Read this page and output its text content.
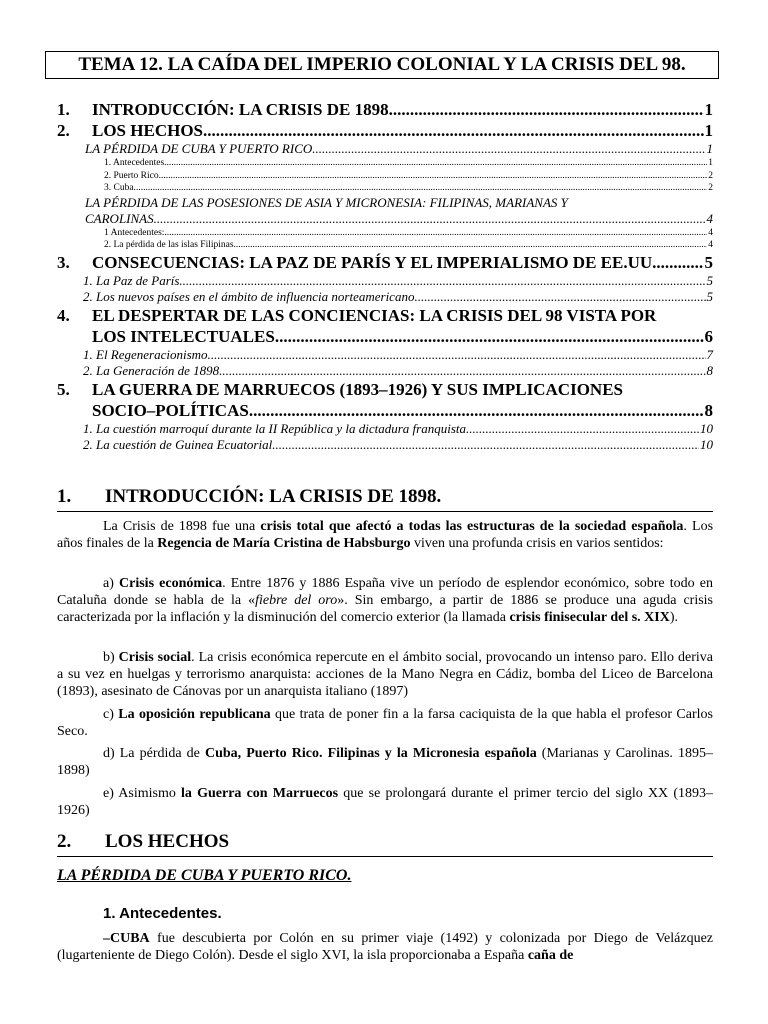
TEMA 12. LA CAÍDA DEL IMPERIO COLONIAL Y LA CRISIS DEL 98.
1. INTRODUCCIÓN: LA CRISIS DE 1898. .....	1
2. LOS HECHOS .....	1
LA PÉRDIDA DE CUBA Y PUERTO RICO. .....	1
1. Antecedentes. .....	1
2. Puerto Rico .....	2
3. Cuba. .....	2
LA PÉRDIDA DE LAS POSESIONES DE ASIA Y MICRONESIA: FILIPINAS, MARIANAS Y
CAROLINAS .....	4
1 Antecedentes: .....	4
2. La pérdida de las islas Filipinas .....	4
3. CONSECUENCIAS: LA PAZ DE PARÍS Y EL IMPERIALISMO DE EE.UU. .....	5
1. La Paz de París. .....	5
2. Los nuevos países en el ámbito de influencia norteamericano. .....	5
4. EL DESPERTAR DE LAS CONCIENCIAS: LA CRISIS DEL 98 VISTA POR
LOS INTELECTUALES. .....	6
1. El Regeneracionismo. .....	7
2. La Generación de 1898. .....	8
5. LA GUERRA DE MARRUECOS (1893–1926) Y SUS IMPLICACIONES
SOCIO–POLÍTICAS .....	8
1. La cuestión marroquí durante la II República y la dictadura franquista. .....	10
2. La cuestión de Guinea Ecuatorial. .....	10
1. INTRODUCCIÓN: LA CRISIS DE 1898.
La Crisis de 1898 fue una crisis total que afectó a todas las estructuras de la sociedad española. Los años finales de la Regencia de María Cristina de Habsburgo viven una profunda crisis en varios sentidos:
a) Crisis económica. Entre 1876 y 1886 España vive un período de esplendor económico, sobre todo en Cataluña donde se habla de la «fiebre del oro». Sin embargo, a partir de 1886 se produce una aguda crisis caracterizada por la inflación y la disminución del comercio exterior (la llamada crisis finisecular del s. XIX).
b) Crisis social. La crisis económica repercute en el ámbito social, provocando un intenso paro. Ello deriva a su vez en huelgas y terrorismo anarquista: acciones de la Mano Negra en Cádiz, bomba del Liceo de Barcelona (1893), asesinato de Cánovas por un anarquista italiano (1897)
c) La oposición republicana que trata de poner fin a la farsa caciquista de la que habla el profesor Carlos Seco.
d) La pérdida de Cuba, Puerto Rico. Filipinas y la Micronesia española (Marianas y Carolinas. 1895–1898)
e) Asimismo la Guerra con Marruecos que se prolongará durante el primer tercio del siglo XX (1893–1926)
2. LOS HECHOS
LA PÉRDIDA DE CUBA Y PUERTO RICO.
1. Antecedentes.
–CUBA fue descubierta por Colón en su primer viaje (1492) y colonizada por Diego de Velázquez (lugarteniente de Diego Colón). Desde el siglo XVI, la isla proporcionaba a España caña de
